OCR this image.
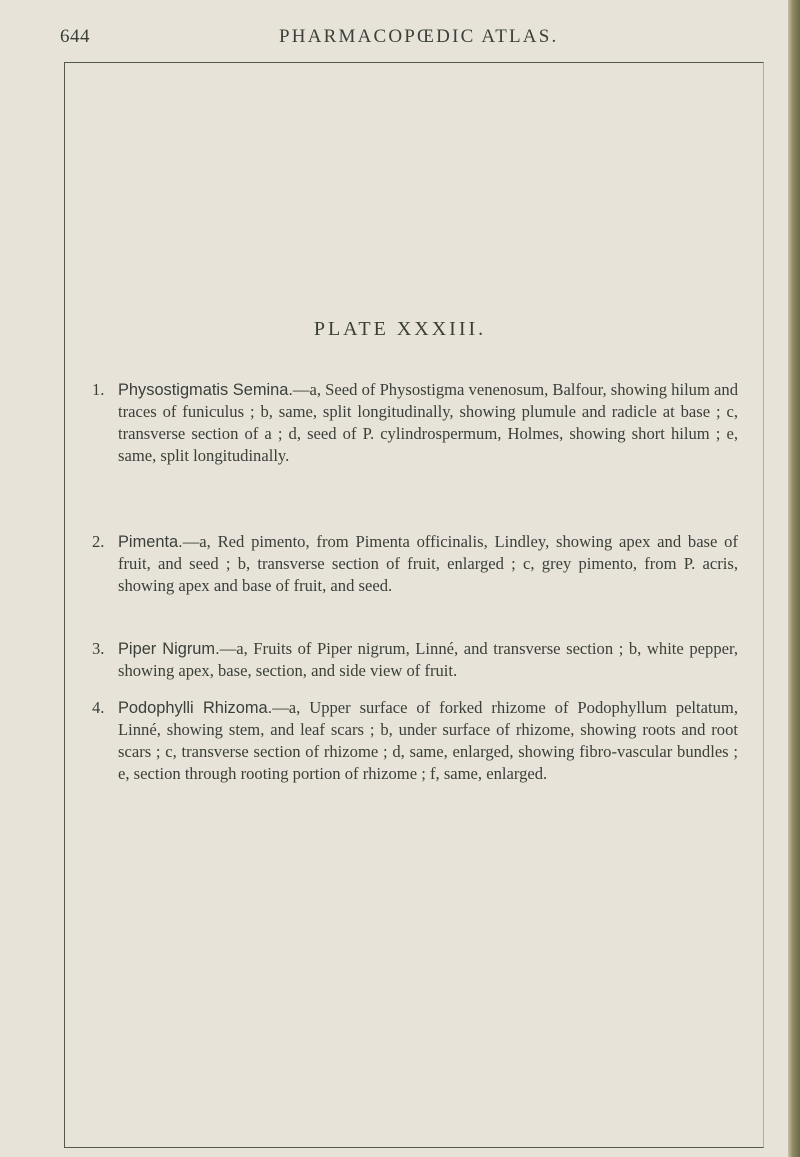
644	PHARMACOPŒDIC ATLAS.
PLATE XXXIII.
1. Physostigmatis Semina.—a, Seed of Physostigma venenosum, Balfour, showing hilum and traces of funiculus ; b, same, split longitudinally, showing plumule and radicle at base ; c, transverse section of a ; d, seed of P. cylindrospermum, Holmes, showing short hilum ; e, same, split longitudinally.
2. Pimenta.—a, Red pimento, from Pimenta officinalis, Lindley, showing apex and base of fruit, and seed ; b, transverse section of fruit, enlarged ; c, grey pimento, from P. acris, showing apex and base of fruit, and seed.
3. Piper Nigrum.—a, Fruits of Piper nigrum, Linné, and transverse section ; b, white pepper, showing apex, base, section, and side view of fruit.
4. Podophylli Rhizoma.—a, Upper surface of forked rhizome of Podophyllum peltatum, Linné, showing stem, and leaf scars ; b, under surface of rhizome, showing roots and root scars ; c, transverse section of rhizome ; d, same, enlarged, showing fibro-vascular bundles ; e, section through rooting portion of rhizome ; f, same, enlarged.
